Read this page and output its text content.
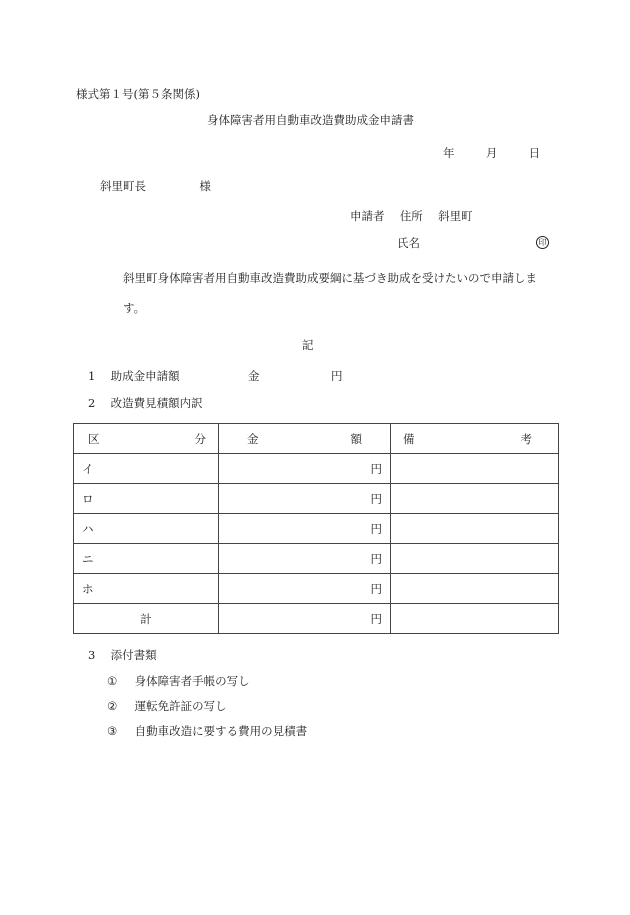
様式第１号(第５条関係)
身体障害者用自動車改造費助成金申請書
年	月	日
斜里町長	様
申請者 住所 斜里町
氏名	印
斜里町身体障害者用自動車改造費助成要綱に基づき助成を受けたいので申請しま
す。
記
1 助成金申請額	金	円
2 改造費見積額内訳
区 分	金 額	備 考

イ	円	
ロ	円	
ハ	円	
ニ	円	
ホ	円	
計	円	
3 添付書類
① 身体障害者手帳の写し
② 運転免許証の写し
③ 自動車改造に要する費用の見積書
